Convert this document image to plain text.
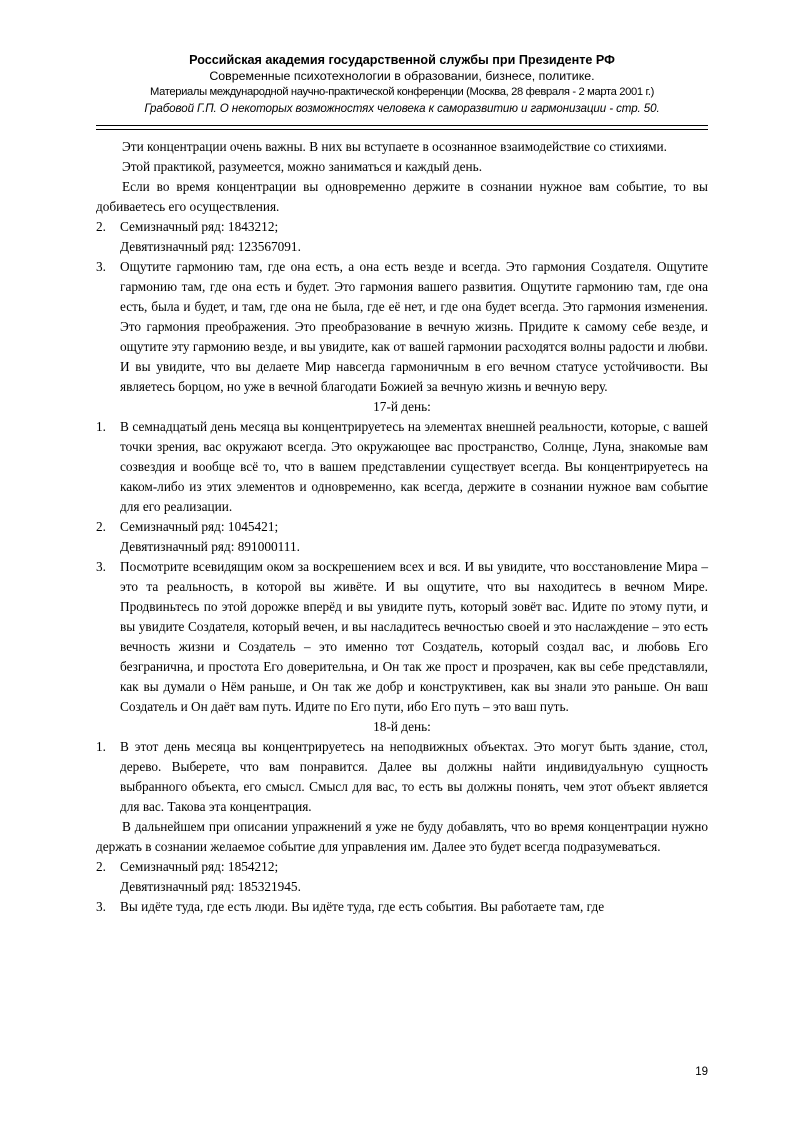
Российская академия государственной службы при Президенте РФ
Современные психотехнологии в образовании, бизнесе, политике.
Материалы международной научно-практической конференции (Москва, 28 февраля - 2 марта 2001 г.)
Грабовой Г.П. О некоторых возможностях человека к саморазвитию и гармонизации - стр. 50.

Эти концентрации очень важны. В них вы вступаете в осознанное взаимодействие со стихиями.

Этой практикой, разумеется, можно заниматься и каждый день.

Если во время концентрации вы одновременно держите в сознании нужное вам событие, то вы добиваетесь его осуществления.

2. Семизначный ряд: 1843212;
Девятизначный ряд: 123567091.
3. Ощутите гармонию там, где она есть, а она есть везде и всегда. Это гармония Создателя. Ощутите гармонию там, где она есть и будет. Это гармония вашего развития. Ощутите гармонию там, где она есть, была и будет, и там, где она не была, где её нет, и где она будет всегда. Это гармония изменения. Это гармония преображения. Это преобразование в вечную жизнь. Придите к самому себе везде, и ощутите эту гармонию везде, и вы увидите, как от вашей гармонии расходятся волны радости и любви. И вы увидите, что вы делаете Мир навсегда гармоничным в его вечном статусе устойчивости. Вы являетесь борцом, но уже в вечной благодати Божией за вечную жизнь и вечную веру.

17-й день:

1. В семнадцатый день месяца вы концентрируетесь на элементах внешней реальности, которые, с вашей точки зрения, вас окружают всегда. Это окружающее вас пространство, Солнце, Луна, знакомые вам созвездия и вообще всё то, что в вашем представлении существует всегда. Вы концентрируетесь на каком-либо из этих элементов и одновременно, как всегда, держите в сознании нужное вам событие для его реализации.
2. Семизначный ряд: 1045421;
Девятизначный ряд: 891000111.
3. Посмотрите всевидящим оком за воскрешением всех и вся. И вы увидите, что восстановление Мира – это та реальность, в которой вы живёте. И вы ощутите, что вы находитесь в вечном Мире. Продвиньтесь по этой дорожке вперёд и вы увидите путь, который зовёт вас. Идите по этому пути, и вы увидите Создателя, который вечен, и вы насладитесь вечностью своей и это наслаждение – это есть вечность жизни и Создатель – это именно тот Создатель, который создал вас, и любовь Его безгранична, и простота Его доверительна, и Он так же прост и прозрачен, как вы себе представляли, как вы думали о Нём раньше, и Он так же добр и конструктивен, как вы знали это раньше. Он ваш Создатель и Он даёт вам путь. Идите по Его пути, ибо Его путь – это ваш путь.

18-й день:

1. В этот день месяца вы концентрируетесь на неподвижных объектах. Это могут быть здание, стол, дерево. Выберете, что вам понравится. Далее вы должны найти индивидуальную сущность выбранного объекта, его смысл. Смысл для вас, то есть вы должны понять, чем этот объект является для вас. Такова эта концентрация.

В дальнейшем при описании упражнений я уже не буду добавлять, что во время концентрации нужно держать в сознании желаемое событие для управления им. Далее это будет всегда подразумеваться.

2. Семизначный ряд: 1854212;
Девятизначный ряд: 185321945.
3. Вы идёте туда, где есть люди. Вы идёте туда, где есть события. Вы работаете там, где
19
